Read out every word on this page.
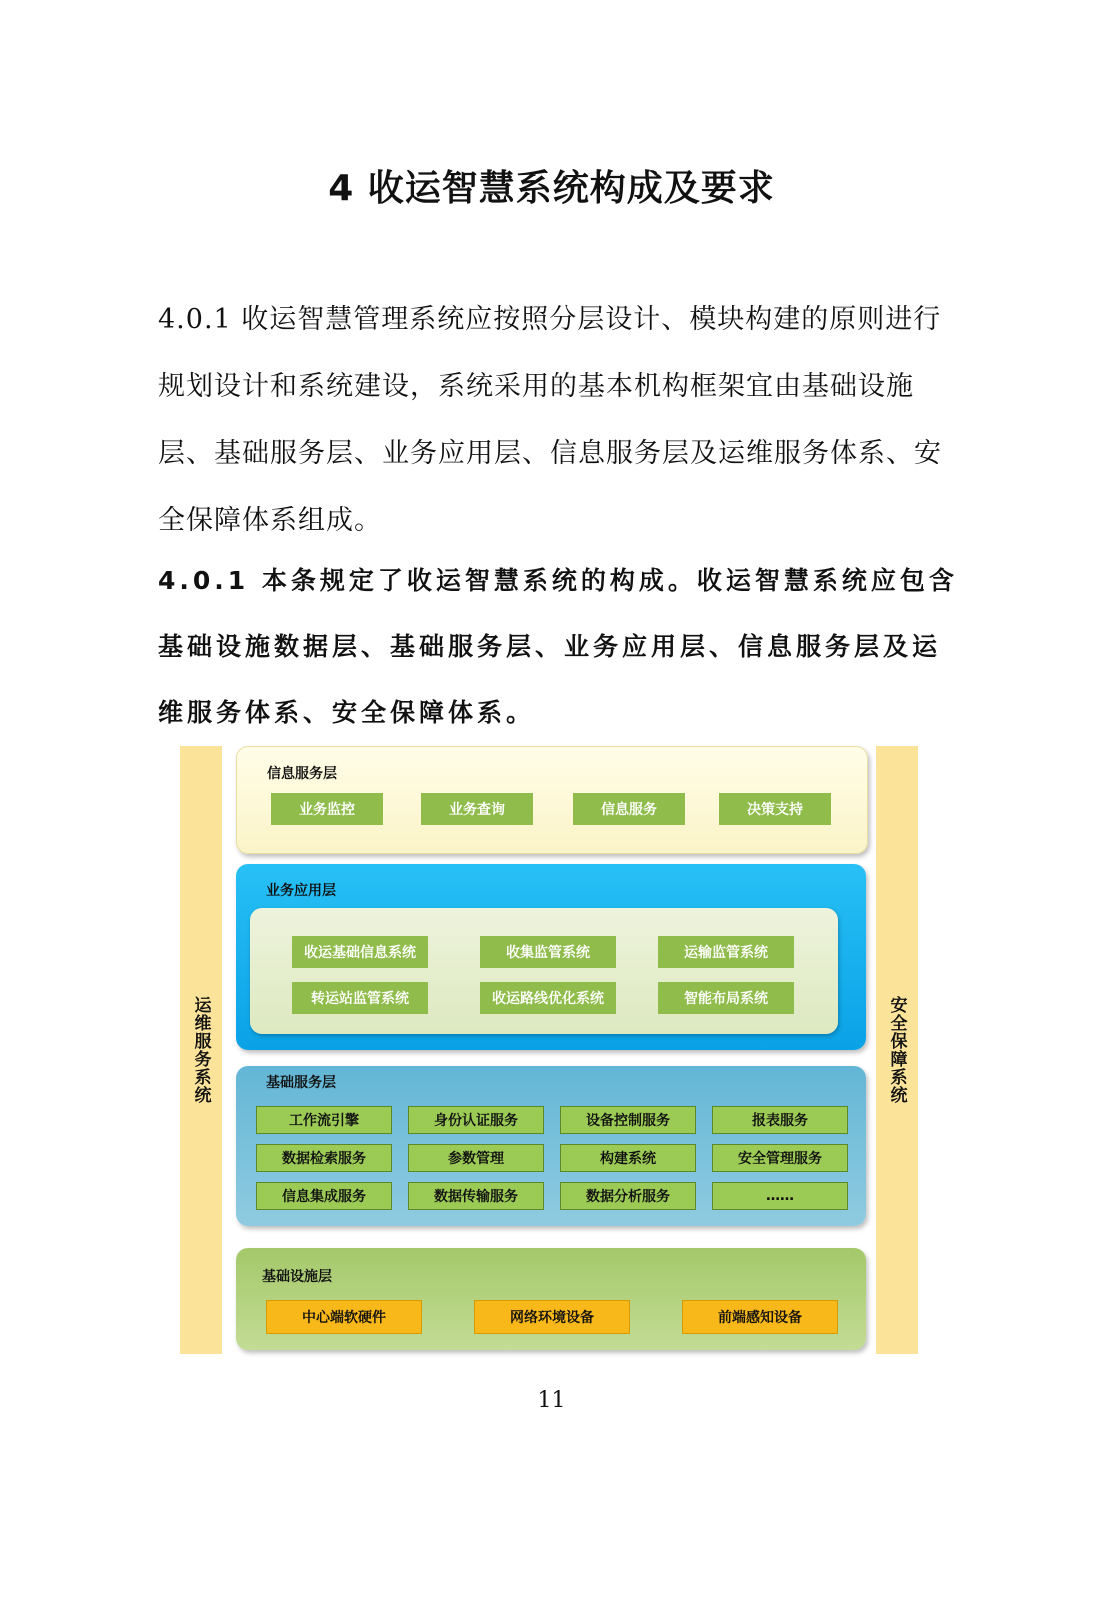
4 收运智慧系统构成及要求
4.0.1 收运智慧管理系统应按照分层设计、模块构建的原则进行规划设计和系统建设，系统采用的基本机构框架宜由基础设施层、基础服务层、业务应用层、信息服务层及运维服务体系、安全保障体系组成。
4.0.1 本条规定了收运智慧系统的构成。收运智慧系统应包含基础设施数据层、基础服务层、业务应用层、信息服务层及运维服务体系、安全保障体系。
运维服务系统	安全保障系统
信息服务层
业务监控	业务查询	信息服务	决策支持
业务应用层
收运基础信息系统	收集监管系统	运输监管系统
转运站监管系统	收运路线优化系统	智能布局系统
基础服务层
工作流引擎	身份认证服务	设备控制服务	报表服务
数据检索服务	参数管理	构建系统	安全管理服务
信息集成服务	数据传输服务	数据分析服务	……
基础设施层
中心端软硬件	网络环境设备	前端感知设备
11
